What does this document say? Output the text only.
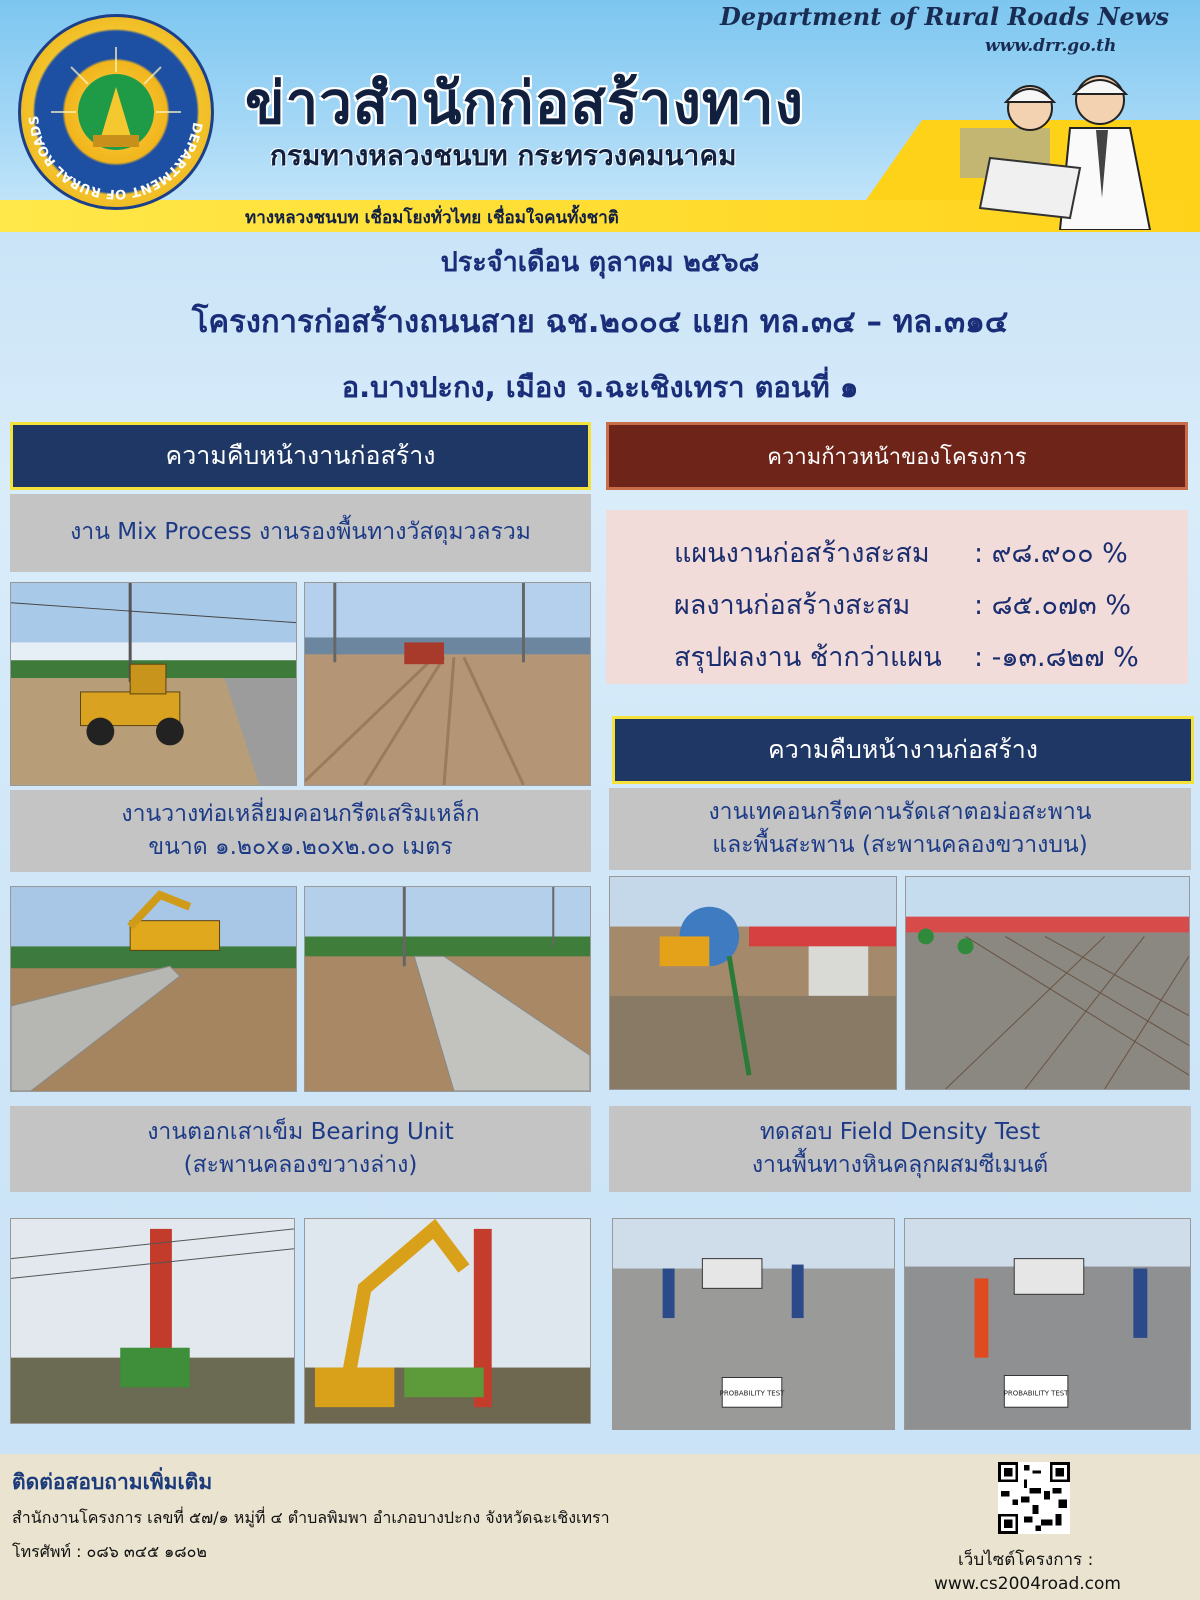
DEPARTMENT OF RURAL ROADS
Department of Rural Roads News
www.drr.go.th
ข่าวสำนักก่อสร้างทาง
กรมทางหลวงชนบท กระทรวงคมนาคม
ทางหลวงชนบท เชื่อมโยงทั่วไทย เชื่อมใจคนทั้งชาติ
ประจำเดือน ตุลาคม ๒๕๖๘
โครงการก่อสร้างถนนสาย ฉช.๒๐๐๔ แยก ทล.๓๔ – ทล.๓๑๔
อ.บางปะกง, เมือง จ.ฉะเชิงเทรา ตอนที่ ๑
ความคืบหน้างานก่อสร้าง
งาน Mix Process งานรองพื้นทางวัสดุมวลรวม
งานวางท่อเหลี่ยมคอนกรีตเสริมเหล็ก
ขนาด ๑.๒๐x๑.๒๐x๒.๐๐ เมตร
งานตอกเสาเข็ม Bearing Unit
(สะพานคลองขวางล่าง)
ความก้าวหน้าของโครงการ
แผนงานก่อสร้างสะสม	: ๙๘.๙๐๐ %
ผลงานก่อสร้างสะสม	: ๘๕.๐๗๓ %
สรุปผลงาน ช้ากว่าแผน	: -๑๓.๘๒๗ %
ความคืบหน้างานก่อสร้าง
งานเทคอนกรีตคานรัดเสาตอม่อสะพาน
และพื้นสะพาน (สะพานคลองขวางบน)
ทดสอบ Field Density Test
งานพื้นทางหินคลุกผสมซีเมนต์
PROBABILITY TEST	PROBABILITY TEST
ติดต่อสอบถามเพิ่มเติม
สำนักงานโครงการ เลขที่ ๕๗/๑ หมู่ที่ ๔ ตำบลพิมพา อำเภอบางปะกง จังหวัดฉะเชิงเทรา
โทรศัพท์ : ๐๘๖ ๓๔๕ ๑๘๐๒	เว็บไซต์โครงการ :
www.cs2004road.com
